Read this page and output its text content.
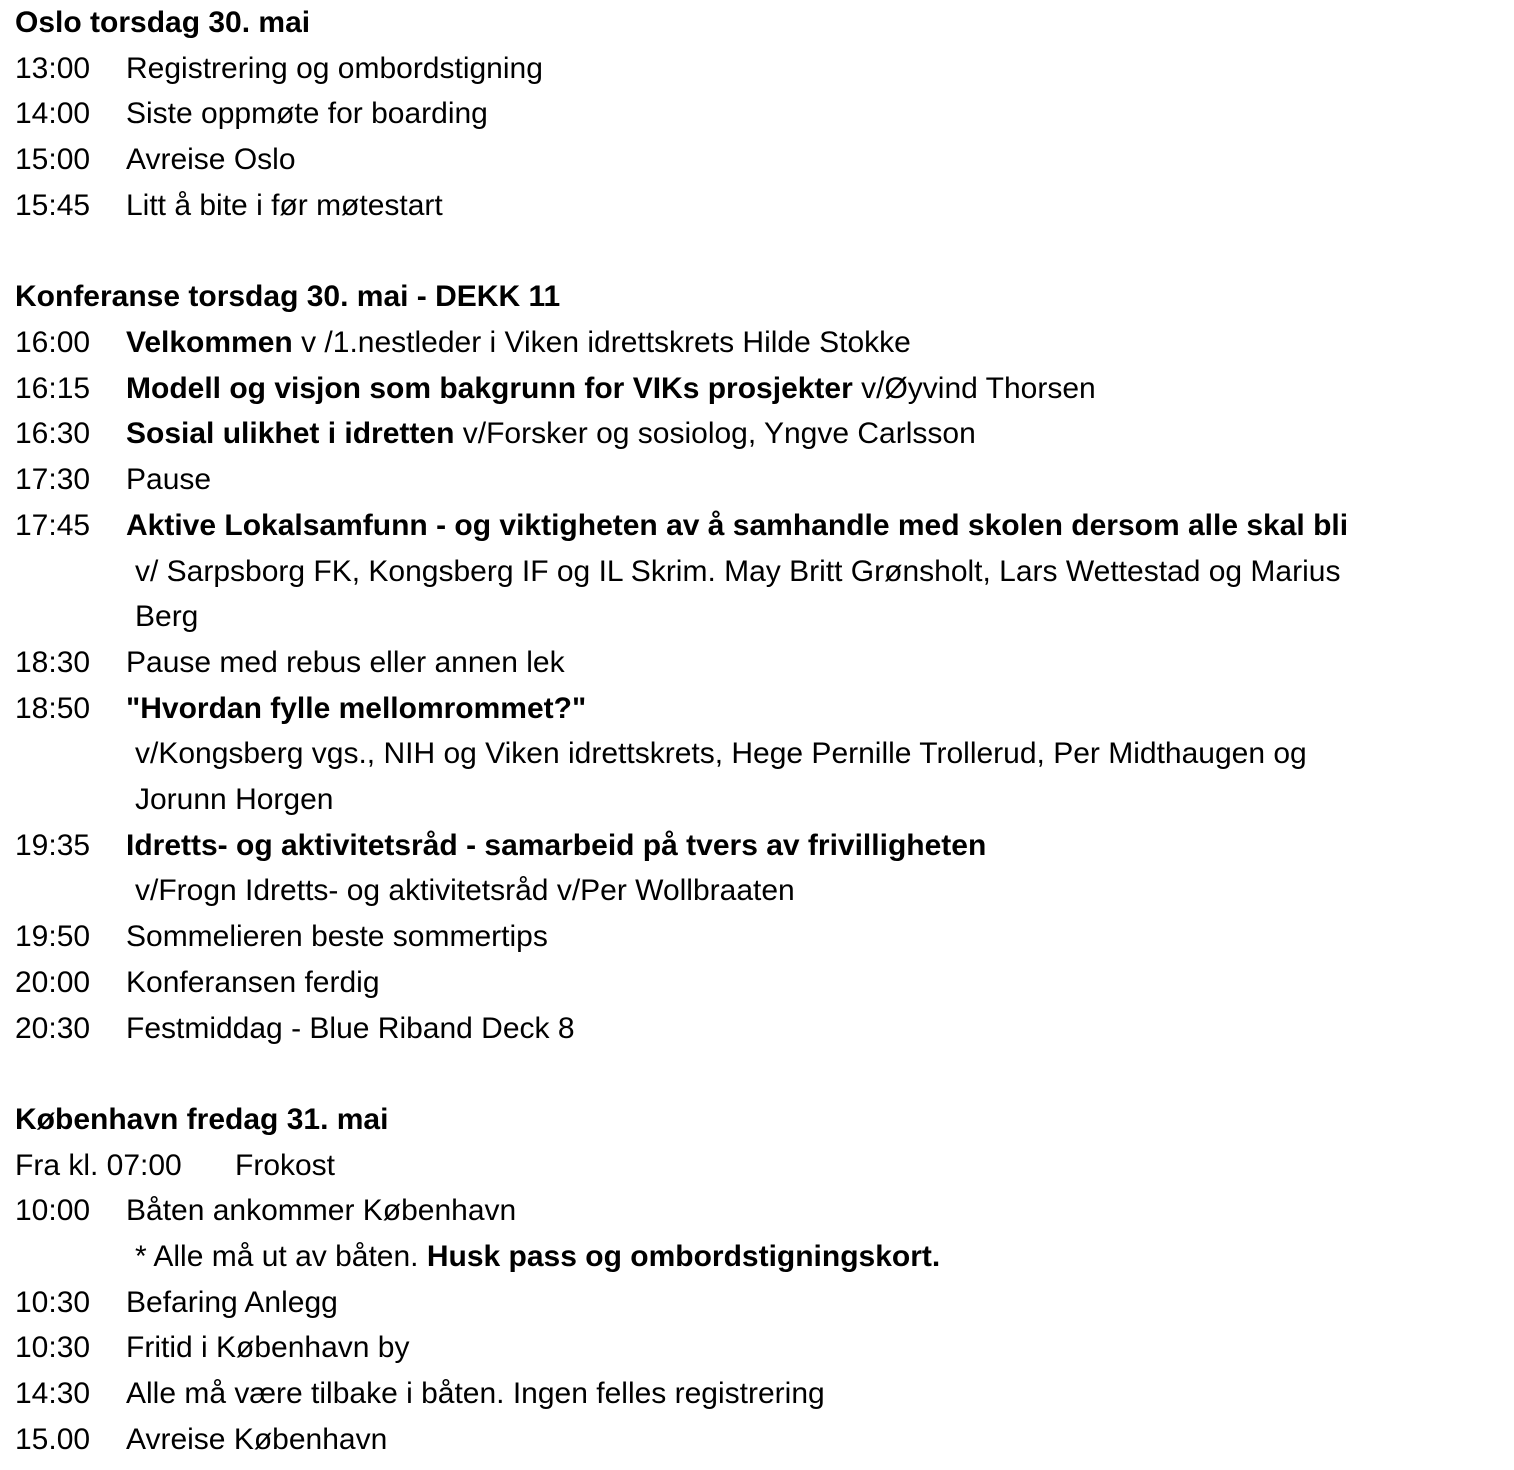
Oslo torsdag 30. mai
13:00 Registrering og ombordstigning
14:00 Siste oppmøte for boarding
15:00 Avreise Oslo
15:45 Litt å bite i før møtestart
Konferanse torsdag 30. mai - DEKK 11
16:00 Velkommen v /1.nestleder i Viken idrettskrets Hilde Stokke
16:15 Modell og visjon som bakgrunn for VIKs prosjekter v/Øyvind Thorsen
16:30 Sosial ulikhet i idretten v/Forsker og sosiolog, Yngve Carlsson
17:30 Pause
17:45 Aktive Lokalsamfunn - og viktigheten av å samhandle med skolen dersom alle skal bli
v/ Sarpsborg FK, Kongsberg IF og IL Skrim. May Britt Grønsholt, Lars Wettestad og Marius
Berg
18:30 Pause med rebus eller annen lek
18:50 "Hvordan fylle mellomrommet?"
v/Kongsberg vgs., NIH og Viken idrettskrets, Hege Pernille Trollerud, Per Midthaugen og
Jorunn Horgen
19:35 Idretts- og aktivitetsråd - samarbeid på tvers av frivilligheten
v/Frogn Idretts- og aktivitetsråd v/Per Wollbraaten
19:50 Sommelieren beste sommertips
20:00 Konferansen ferdig
20:30 Festmiddag - Blue Riband Deck 8
København fredag 31. mai
Fra kl. 07:00 Frokost
10:00 Båten ankommer København
* Alle må ut av båten. Husk pass og ombordstigningskort.
10:30 Befaring Anlegg
10:30 Fritid i København by
14:30 Alle må være tilbake i båten. Ingen felles registrering
15.00 Avreise København
